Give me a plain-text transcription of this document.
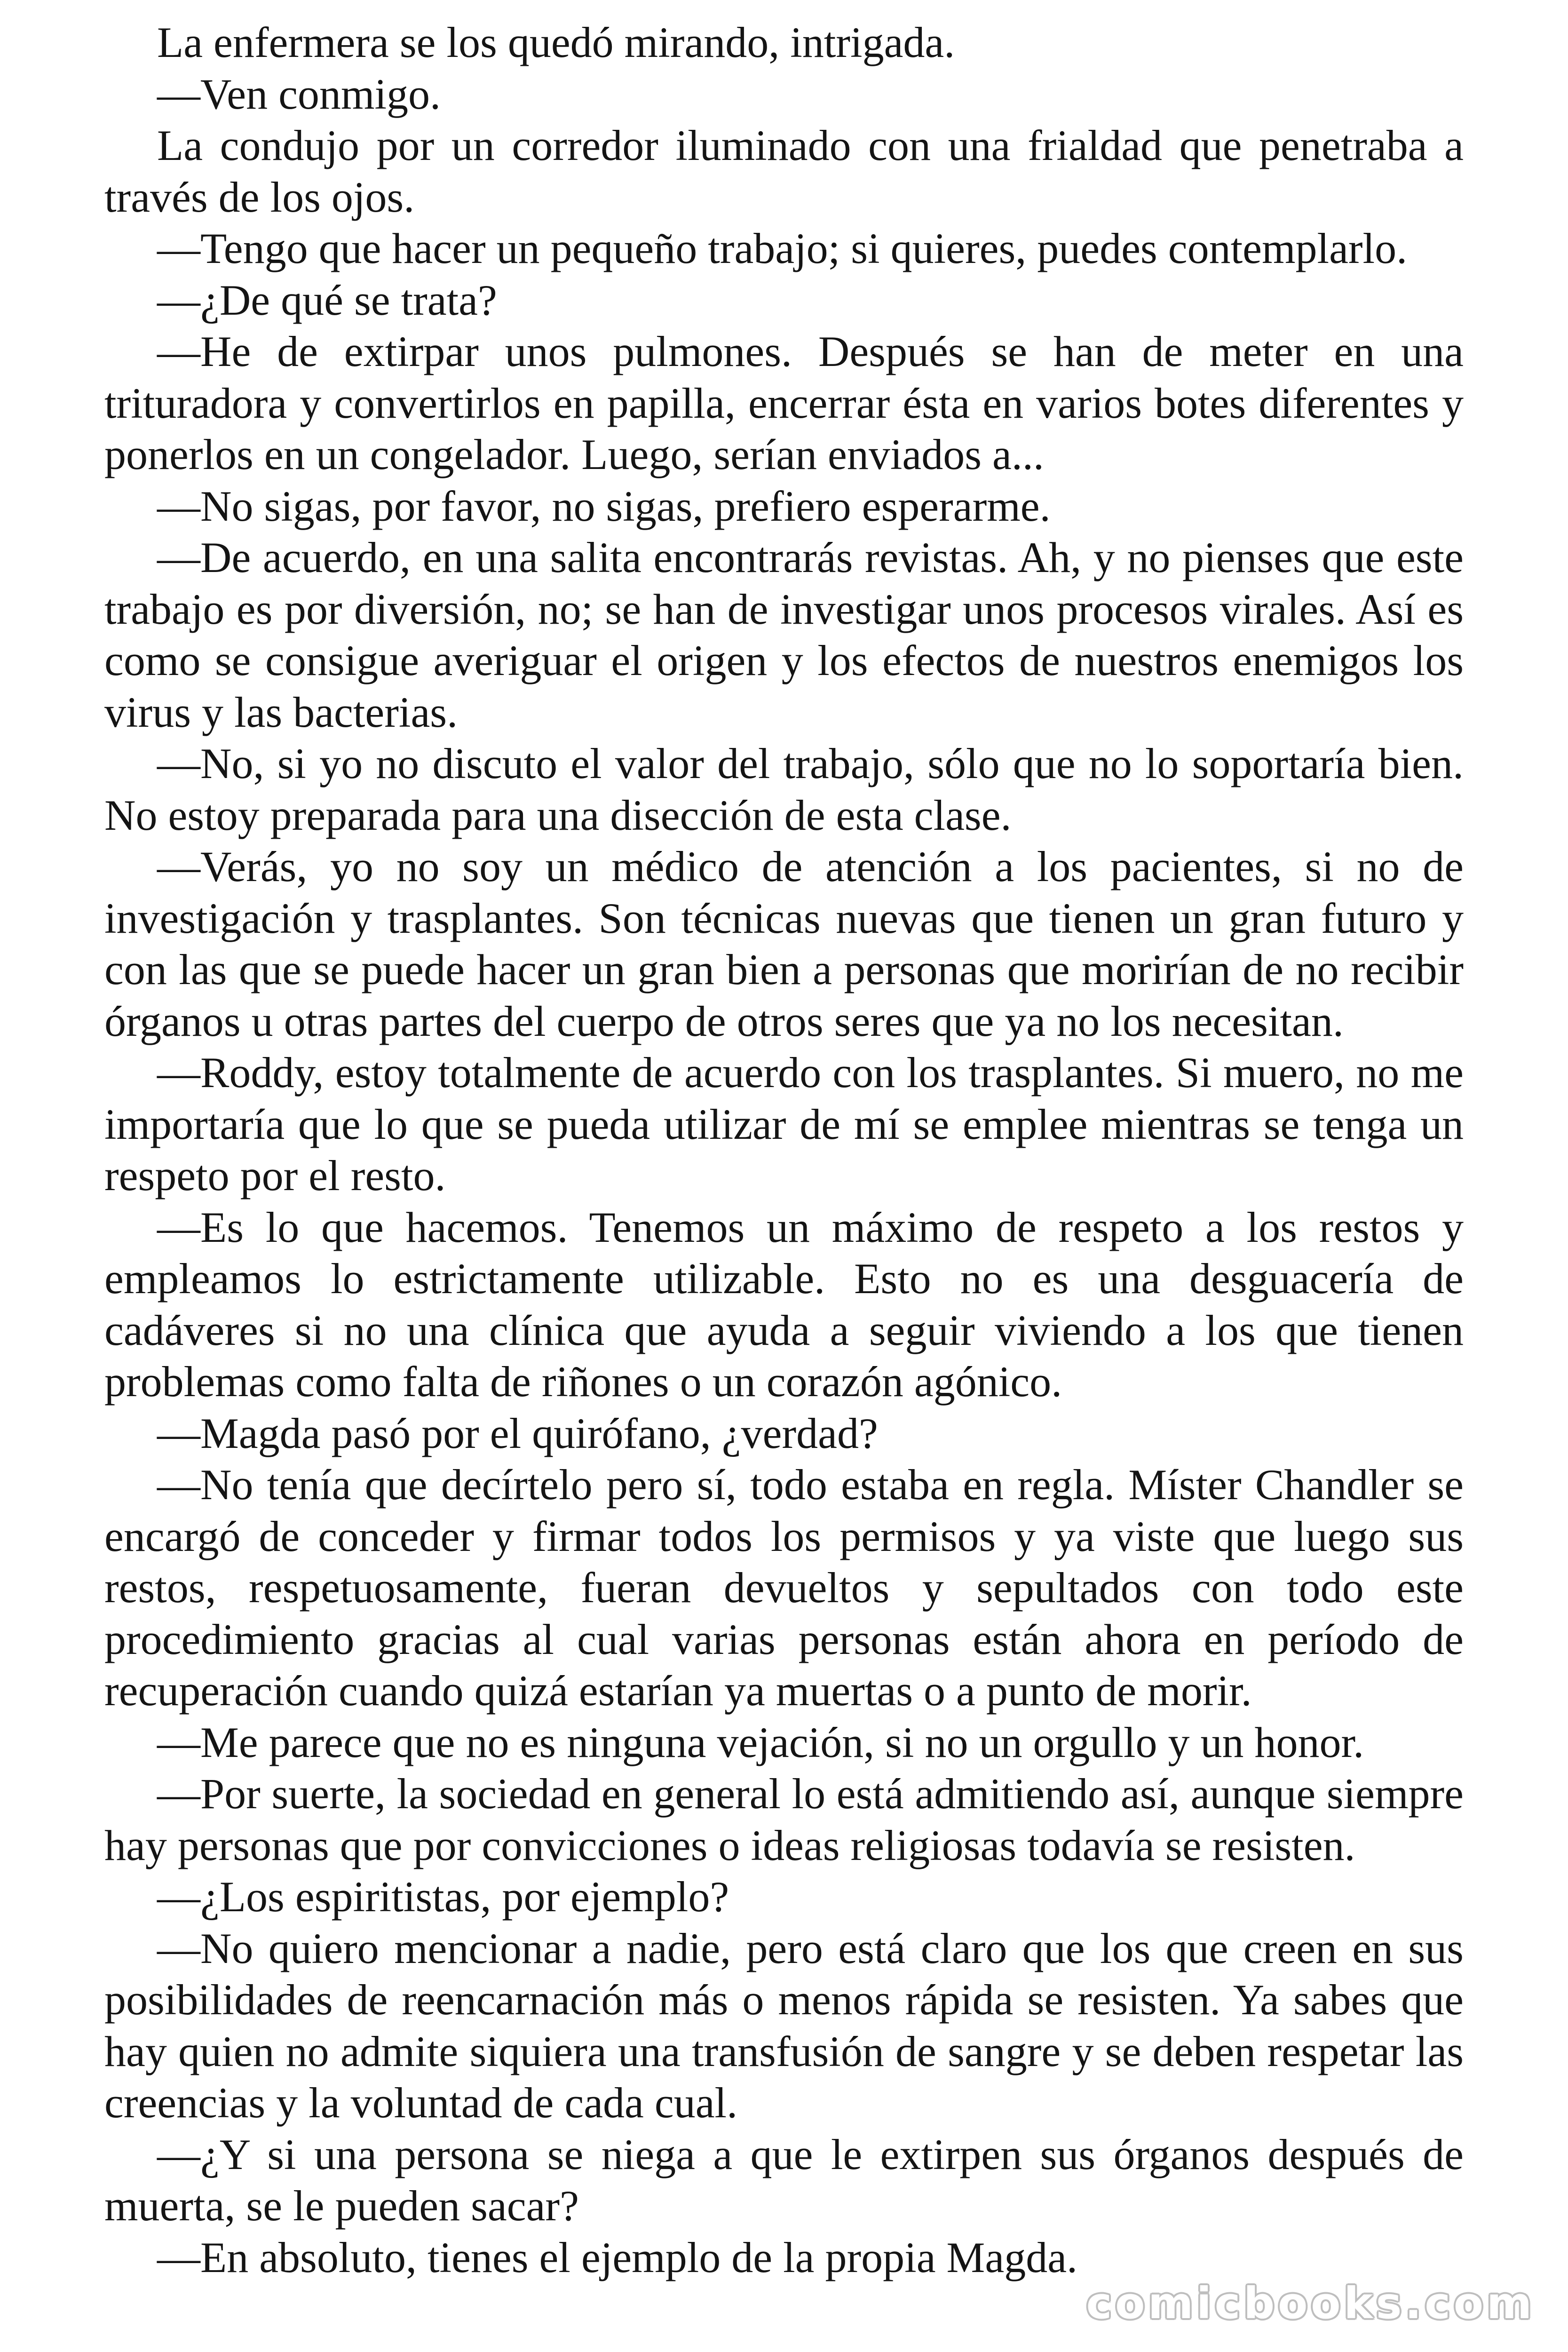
La enfermera se los quedó mirando, intrigada.

—Ven conmigo.

La condujo por un corredor iluminado con una frialdad que penetraba a través de los ojos.

—Tengo que hacer un pequeño trabajo; si quieres, puedes contemplarlo.

—¿De qué se trata?

—He de extirpar unos pulmones. Después se han de meter en una trituradora y convertirlos en papilla, encerrar ésta en varios botes diferentes y ponerlos en un congelador. Luego, serían enviados a...

—No sigas, por favor, no sigas, prefiero esperarme.

—De acuerdo, en una salita encontrarás revistas. Ah, y no pienses que este trabajo es por diversión, no; se han de investigar unos procesos virales. Así es como se consigue averiguar el origen y los efectos de nuestros enemigos los virus y las bacterias.

—No, si yo no discuto el valor del trabajo, sólo que no lo soportaría bien. No estoy preparada para una disección de esta clase.

—Verás, yo no soy un médico de atención a los pacientes, si no de investigación y trasplantes. Son técnicas nuevas que tienen un gran futuro y con las que se puede hacer un gran bien a personas que morirían de no recibir órganos u otras partes del cuerpo de otros seres que ya no los necesitan.

—Roddy, estoy totalmente de acuerdo con los trasplantes. Si muero, no me importaría que lo que se pueda utilizar de mí se emplee mientras se tenga un respeto por el resto.

—Es lo que hacemos. Tenemos un máximo de respeto a los restos y empleamos lo estrictamente utilizable. Esto no es una desguacería de cadáveres si no una clínica que ayuda a seguir viviendo a los que tienen problemas como falta de riñones o un corazón agónico.

—Magda pasó por el quirófano, ¿verdad?

—No tenía que decírtelo pero sí, todo estaba en regla. Míster Chandler se encargó de conceder y firmar todos los permisos y ya viste que luego sus restos, respetuosamente, fueran devueltos y sepultados con todo este procedimiento gracias al cual varias personas están ahora en período de recuperación cuando quizá estarían ya muertas o a punto de morir.

—Me parece que no es ninguna vejación, si no un orgullo y un honor.

—Por suerte, la sociedad en general lo está admitiendo así, aunque siempre hay personas que por convicciones o ideas religiosas todavía se resisten.

—¿Los espiritistas, por ejemplo?

—No quiero mencionar a nadie, pero está claro que los que creen en sus posibilidades de reencarnación más o menos rápida se resisten. Ya sabes que hay quien no admite siquiera una transfusión de sangre y se deben respetar las creencias y la voluntad de cada cual.

—¿Y si una persona se niega a que le extirpen sus órganos después de muerta, se le pueden sacar?

—En absoluto, tienes el ejemplo de la propia Magda.

comicbooks.com
